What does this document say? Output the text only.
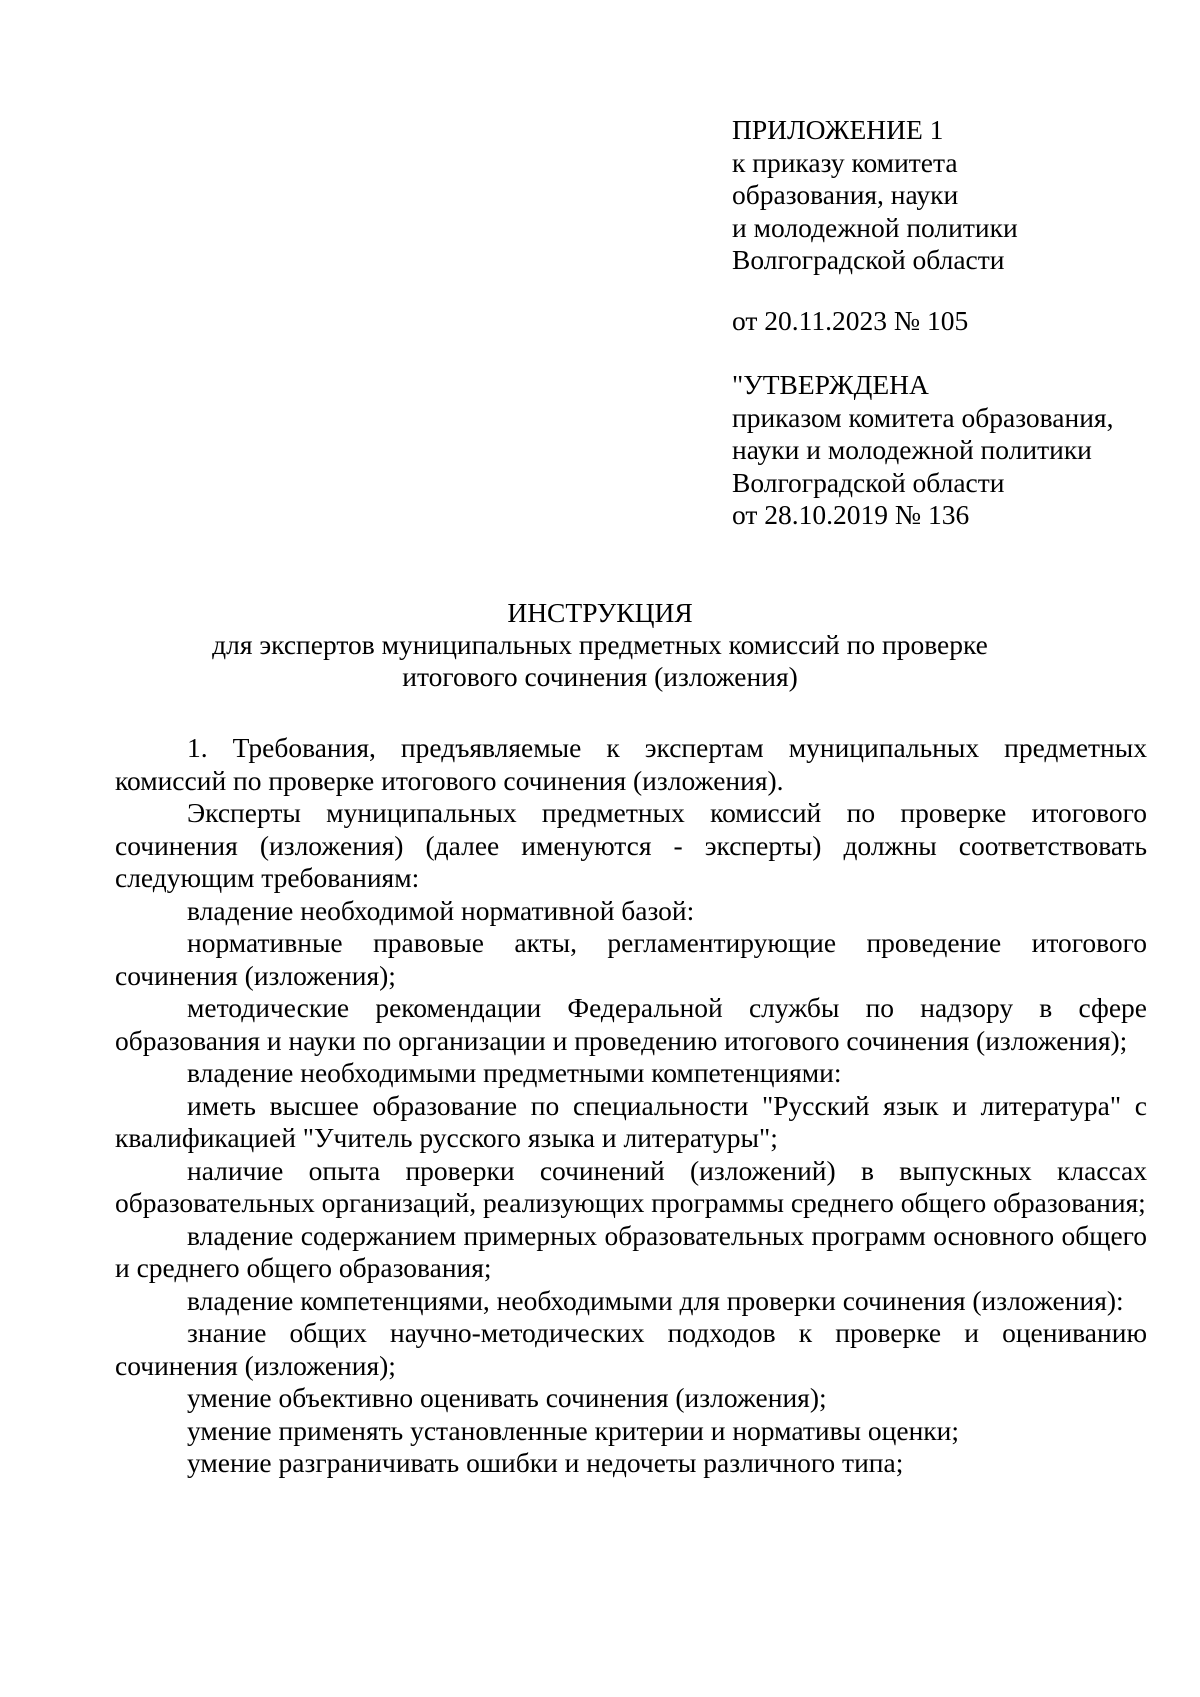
ПРИЛОЖЕНИЕ 1
к приказу комитета
образования, науки
и молодежной политики
Волгоградской области
от 20.11.2023 № 105
"УТВЕРЖДЕНА
приказом комитета образования,
науки и молодежной политики
Волгоградской области
от 28.10.2019 № 136
ИНСТРУКЦИЯ
для экспертов муниципальных предметных комиссий по проверке
итогового сочинения (изложения)

1. Требования, предъявляемые к экспертам муниципальных предметных комиссий по проверке итогового сочинения (изложения).

Эксперты муниципальных предметных комиссий по проверке итогового сочинения (изложения) (далее именуются - эксперты) должны соответствовать следующим требованиям:

владение необходимой нормативной базой:

нормативные правовые акты, регламентирующие проведение итогового сочинения (изложения);

методические рекомендации Федеральной службы по надзору в сфере образования и науки по организации и проведению итогового сочинения (изложения);

владение необходимыми предметными компетенциями:

иметь высшее образование по специальности "Русский язык и литература" с квалификацией "Учитель русского языка и литературы";

наличие опыта проверки сочинений (изложений) в выпускных классах образовательных организаций, реализующих программы среднего общего образования;

владение содержанием примерных образовательных программ основного общего и среднего общего образования;

владение компетенциями, необходимыми для проверки сочинения (изложения):

знание общих научно-методических подходов к проверке и оцениванию сочинения (изложения);

умение объективно оценивать сочинения (изложения);

умение применять установленные критерии и нормативы оценки;

умение разграничивать ошибки и недочеты различного типа;
